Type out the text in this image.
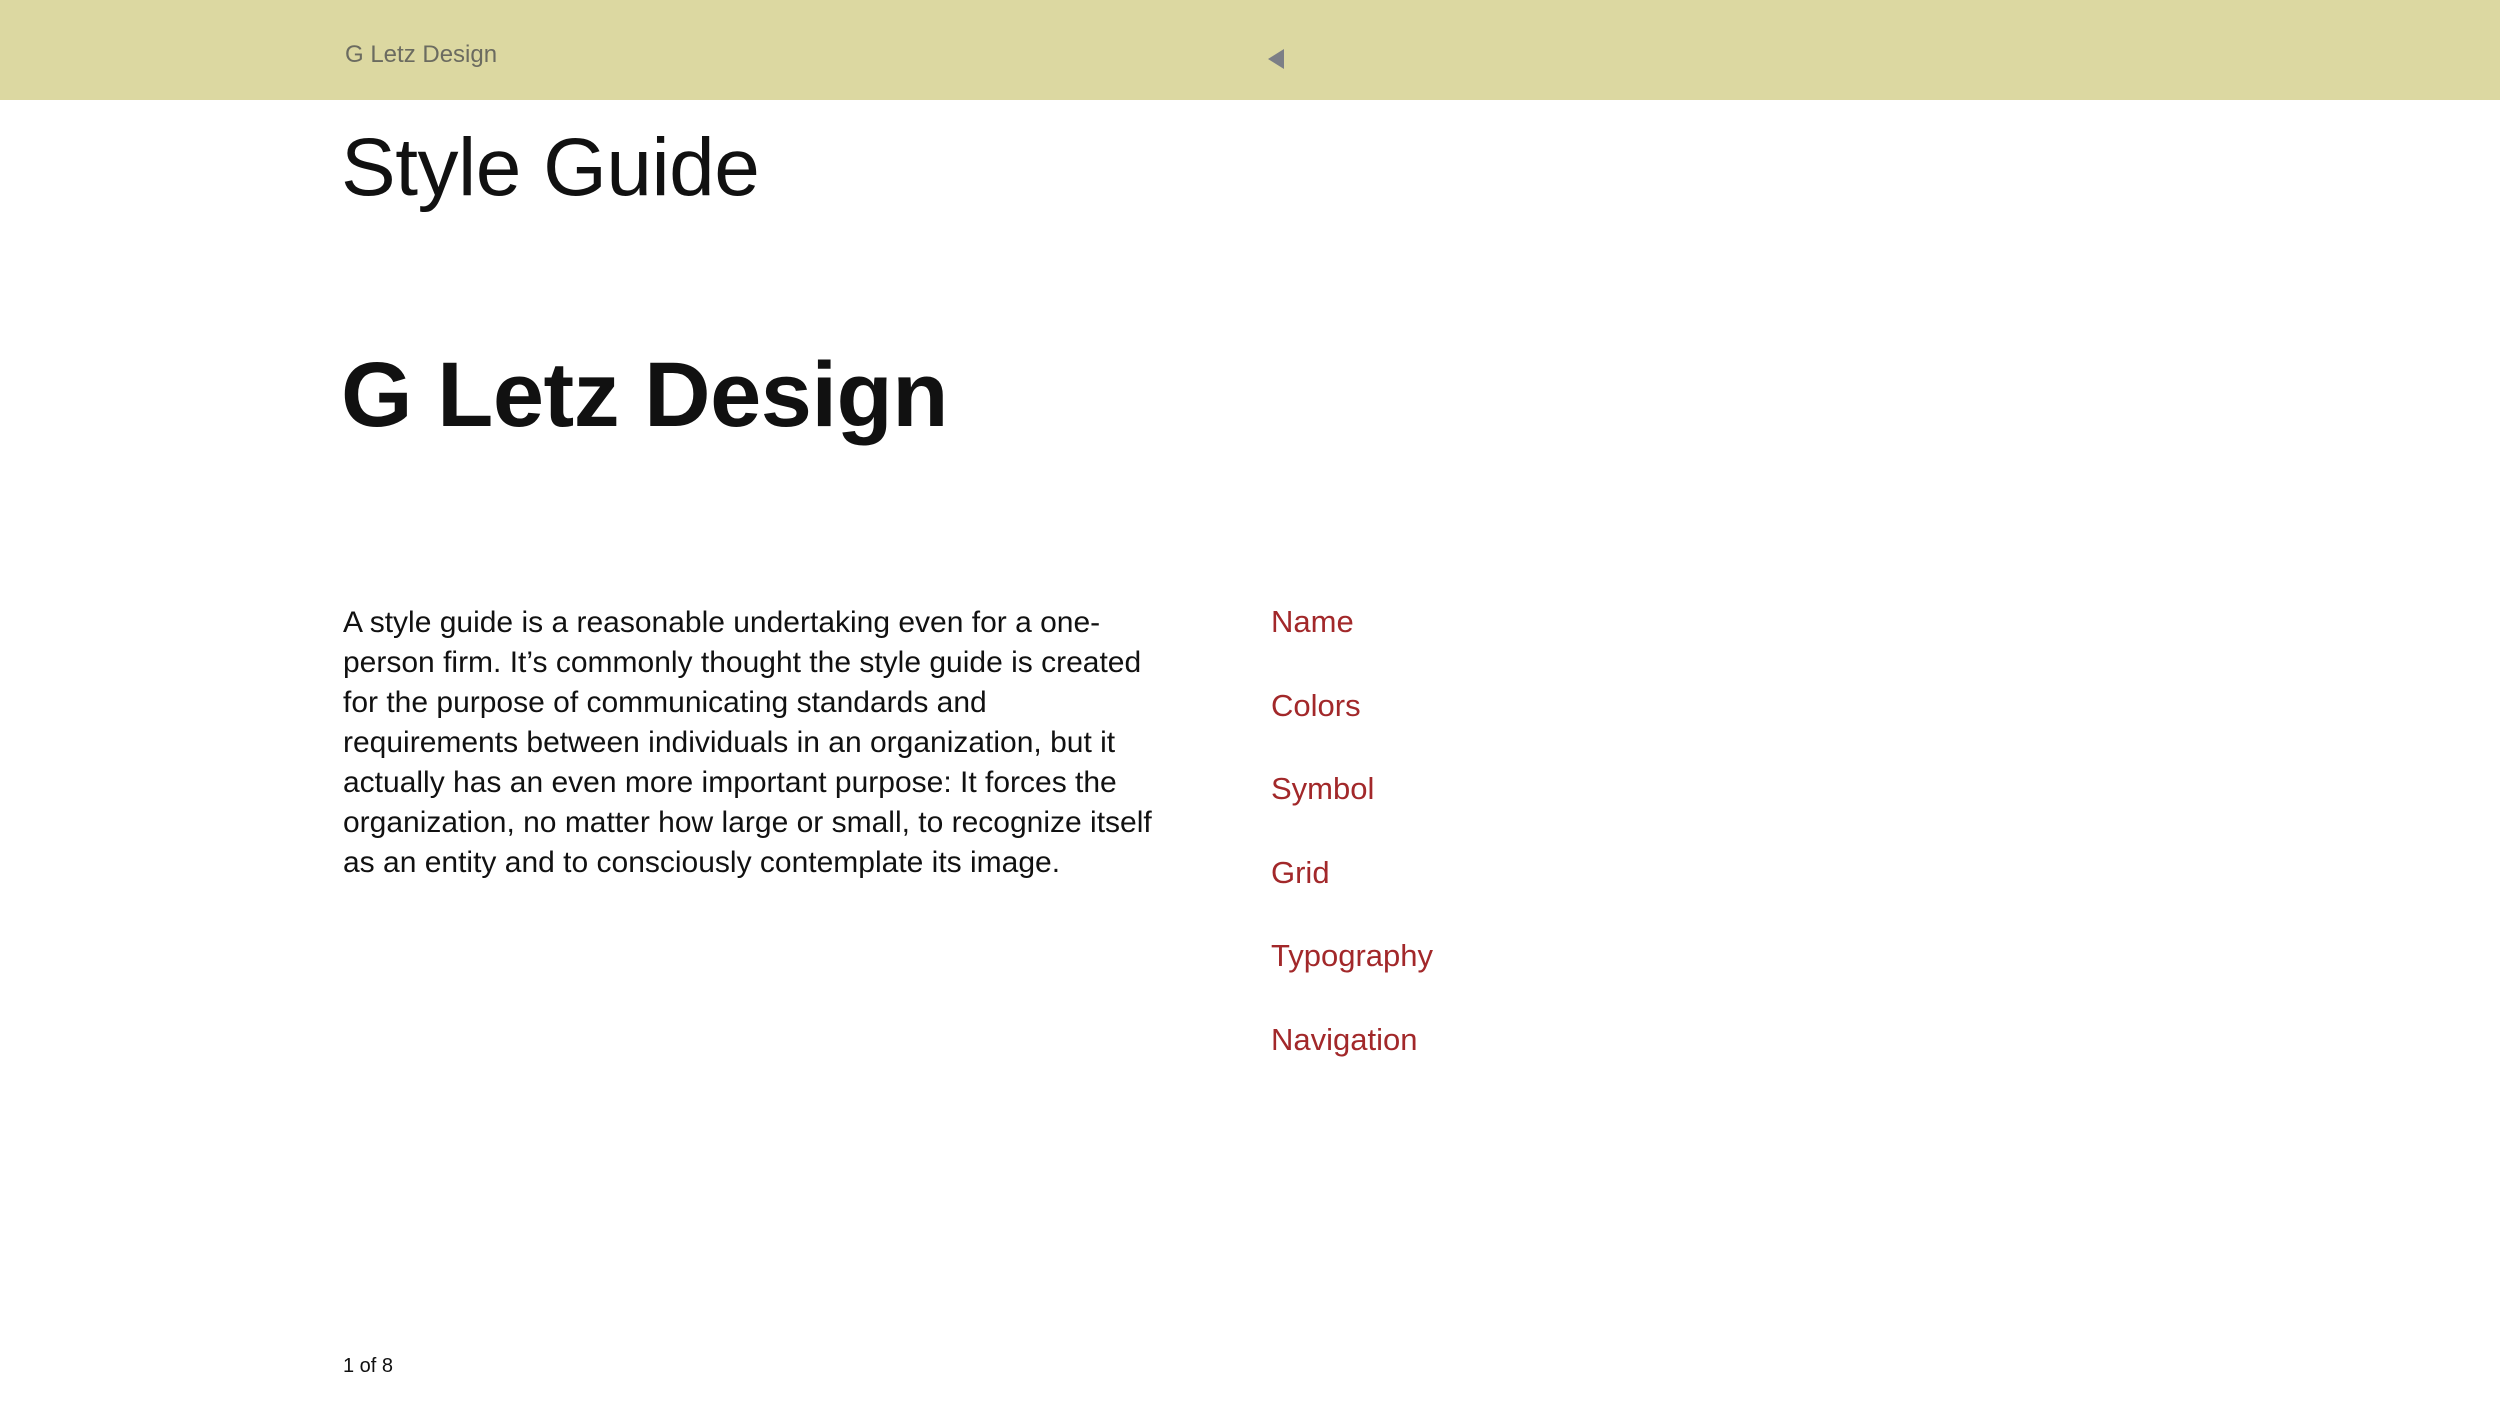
G Letz Design
Style Guide
G Letz Design

A style guide is a reasonable undertaking even for a one-person firm. It’s commonly thought the style guide is created for the purpose of communicating standards and requirements between individuals in an organization, but it actually has an even more important purpose: It forces the organization, no matter how large or small, to recognize itself as an entity and to consciously contemplate its image.

Name
Colors
Symbol
Grid
Typography
Navigation
1 of 8
